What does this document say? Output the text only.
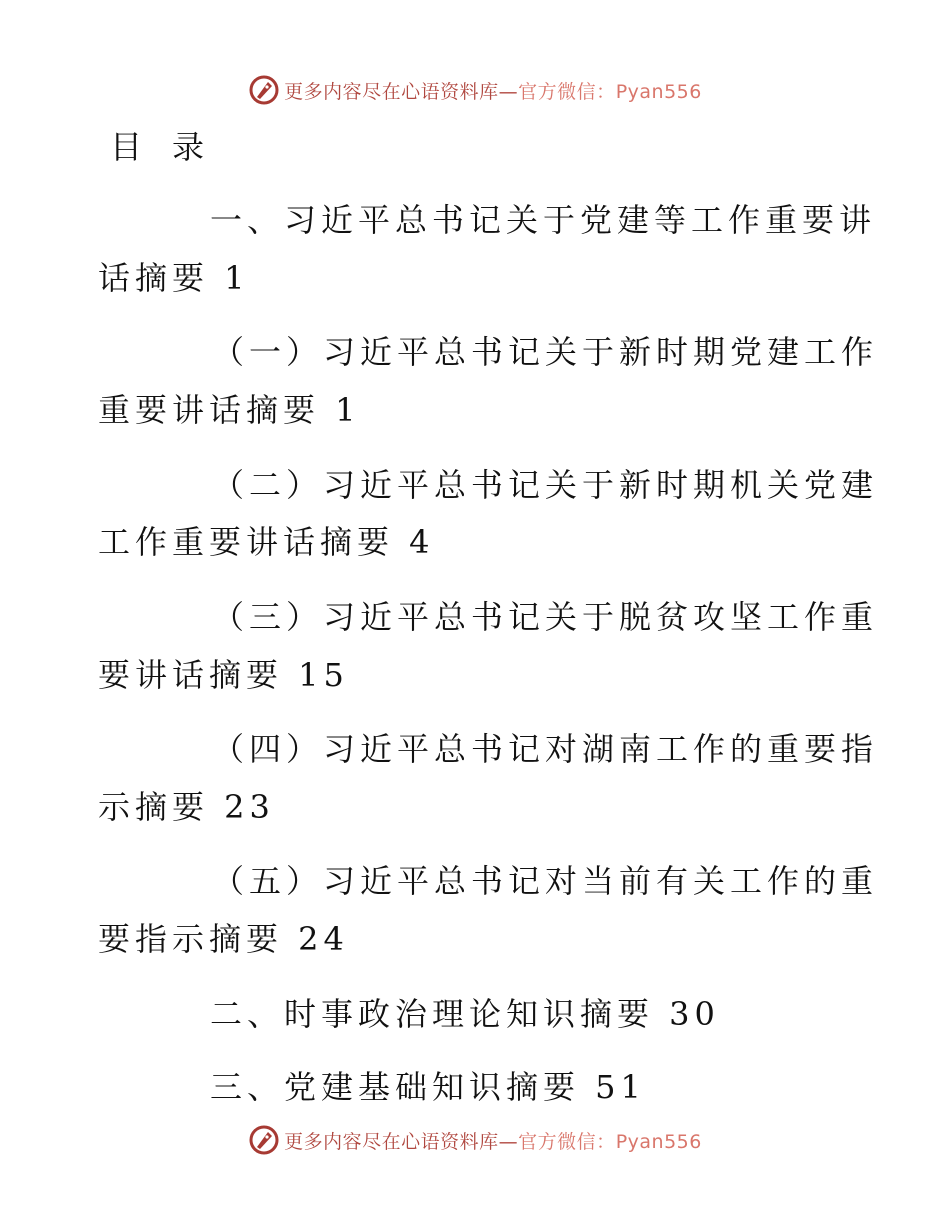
更多内容尽在心语资料库—官方微信：Pyan556
目录
一、习近平总书记关于党建等工作重要讲
话摘要 1
（一）习近平总书记关于新时期党建工作
重要讲话摘要 1
（二）习近平总书记关于新时期机关党建
工作重要讲话摘要 4
（三）习近平总书记关于脱贫攻坚工作重
要讲话摘要 15
（四）习近平总书记对湖南工作的重要指
示摘要 23
（五）习近平总书记对当前有关工作的重
要指示摘要 24
二、时事政治理论知识摘要 30
三、党建基础知识摘要 51
更多内容尽在心语资料库—官方微信：Pyan556
